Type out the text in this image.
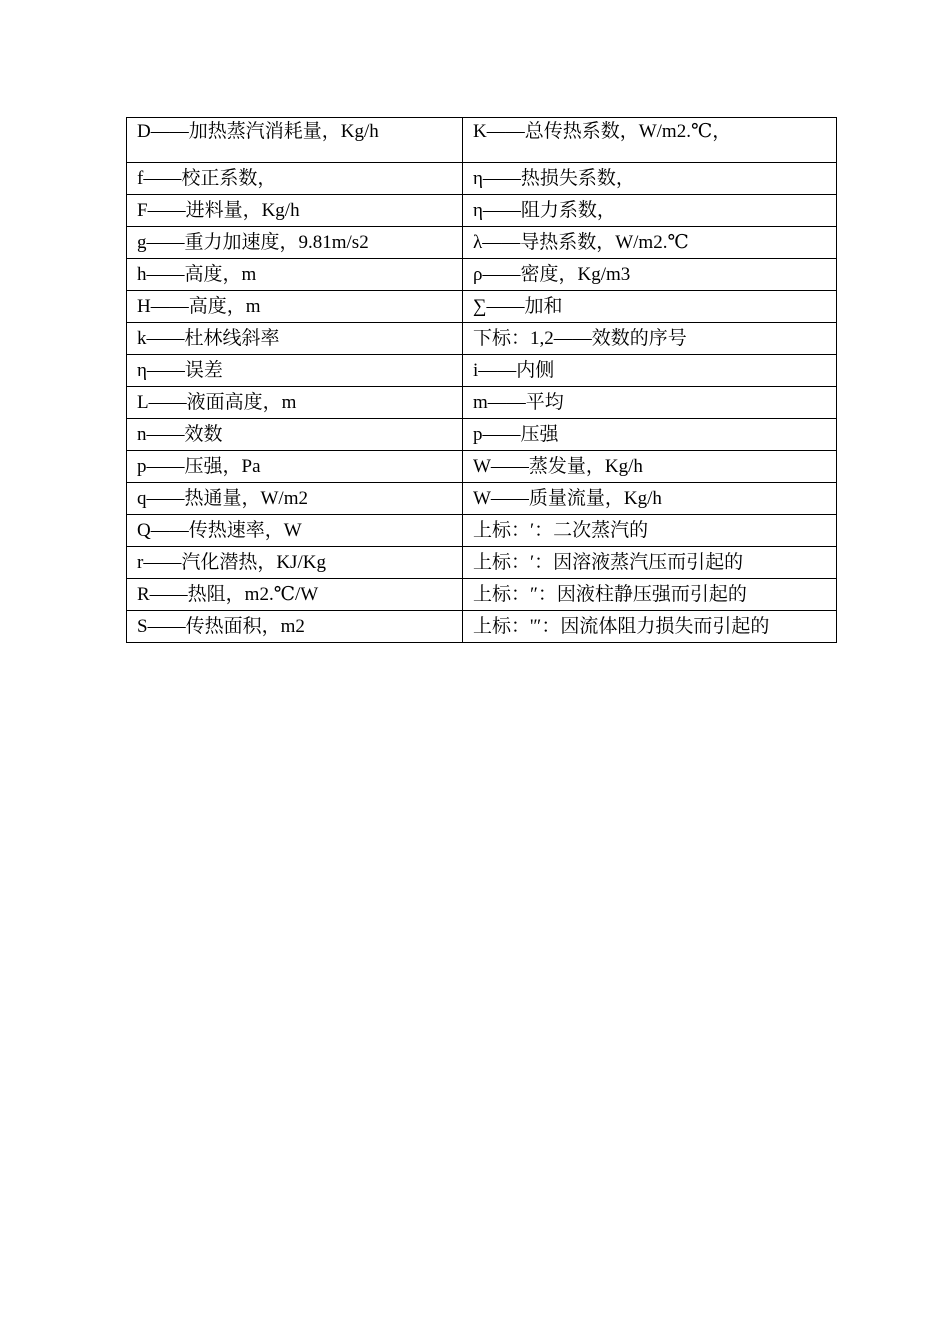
D——加热蒸汽消耗量，Kg/h	K——总传热系数，W/m2.℃，
f——校正系数，	η——热损失系数，
F——进料量，Kg/h	η——阻力系数，
g——重力加速度，9.81m/s2	λ——导热系数，W/m2.℃
h——高度，m	ρ——密度，Kg/m3
H——高度，m	∑——加和
k——杜林线斜率	下标：1,2——效数的序号
η——误差	i——内侧
L——液面高度，m	m——平均
n——效数	p——压强
p——压强，Pa	W——蒸发量，Kg/h
q——热通量，W/m2	W——质量流量，Kg/h
Q——传热速率，W	上标：′：二次蒸汽的
r——汽化潜热，KJ/Kg	上标：′：因溶液蒸汽压而引起的
R——热阻，m2.℃/W	上标：″：因液柱静压强而引起的
S——传热面积，m2	上标：'″：因流体阻力损失而引起的
